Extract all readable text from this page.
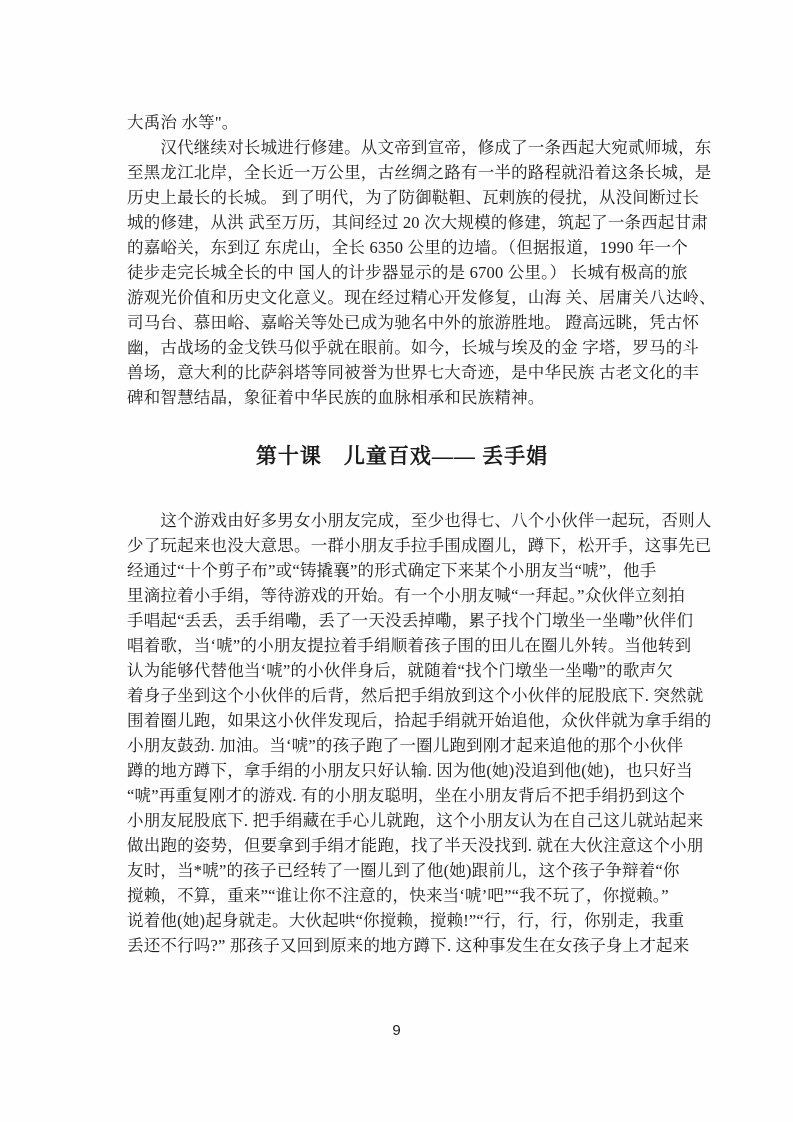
大禹治 水等"。
　　汉代继续对长城进行修建。从文帝到宣帝，修成了一条西起大宛贰师城，东
至黑龙江北岸，全长近一万公里，古丝绸之路有一半的路程就沿着这条长城，是
历史上最长的长城。 到了明代，为了防御鞑靼、瓦剌族的侵扰，从没间断过长
城的修建，从洪 武至万历，其间经过 20 次大规模的修建，筑起了一条西起甘肃
的嘉峪关，东到辽 东虎山，全长 6350 公里的边墙。（但据报道，1990 年一个
徒步走完长城全长的中 国人的计步器显示的是 6700 公里。） 长城有极高的旅
游观光价值和历史文化意义。现在经过精心开发修复，山海 关、居庸关八达岭、
司马台、慕田峪、嘉峪关等处已成为驰名中外的旅游胜地。 蹬高远眺，凭古怀
幽，古战场的金戈铁马似乎就在眼前。如今，长城与埃及的金 字塔，罗马的斗
兽场，意大利的比萨斜塔等同被誉为世界七大奇迹，是中华民族 古老文化的丰
碑和智慧结晶，象征着中华民族的血脉相承和民族精神。
第十课　儿童百戏—— 丢手娟
　　这个游戏由好多男女小朋友完成，至少也得七、八个小伙伴一起玩，否则人
少了玩起来也没大意思。一群小朋友手拉手围成圈儿，蹲下，松开手，这事先已
经通过“十个剪子布”或“铸撬襄”的形式确定下来某个小朋友当“唬”，他手
里滴拉着小手绢，等待游戏的开始。有一个小朋友喊“一拜起。”众伙伴立刻拍
手唱起“丢丢，丢手绢嘞，丢了一天没丢掉嘞，累子找个门墩坐一坐嘞”伙伴们
唱着歌，当‘唬”的小朋友提拉着手绢顺着孩子围的田儿在圈儿外转。当他转到
认为能够代替他当‘唬”的小伙伴身后，就随着“找个门墩坐一坐嘞”的歌声欠
着身子坐到这个小伙伴的后背，然后把手绢放到这个小伙伴的屁股底下. 突然就
围着圈儿跑，如果这小伙伴发现后，拾起手绢就开始追他，众伙伴就为拿手绢的
小朋友鼓劲. 加油。当‘唬”的孩子跑了一圈儿跑到刚才起来追他的那个小伙伴
蹲的地方蹲下，拿手绢的小朋友只好认输. 因为他(她)没追到他(她)，也只好当
“唬”再重复刚才的游戏. 有的小朋友聪明，坐在小朋友背后不把手绢扔到这个
小朋友屁股底下. 把手绢藏在手心儿就跑，这个小朋友认为在自己这儿就站起来
做出跑的姿势，但要拿到手绢才能跑，找了半天没找到. 就在大伙注意这个小朋
友时，当*唬”的孩子已经转了一圈儿到了他(她)跟前儿，这个孩子争辩着“你
搅赖，不算，重来”“谁让你不注意的，快来当‘唬’吧”“我不玩了，你搅赖。”
说着他(她)起身就走。大伙起哄“你搅赖，搅赖!”“行，行，行，你别走，我重
丢还不行吗?” 那孩子又回到原来的地方蹲下. 这种事发生在女孩子身上才起来
9
